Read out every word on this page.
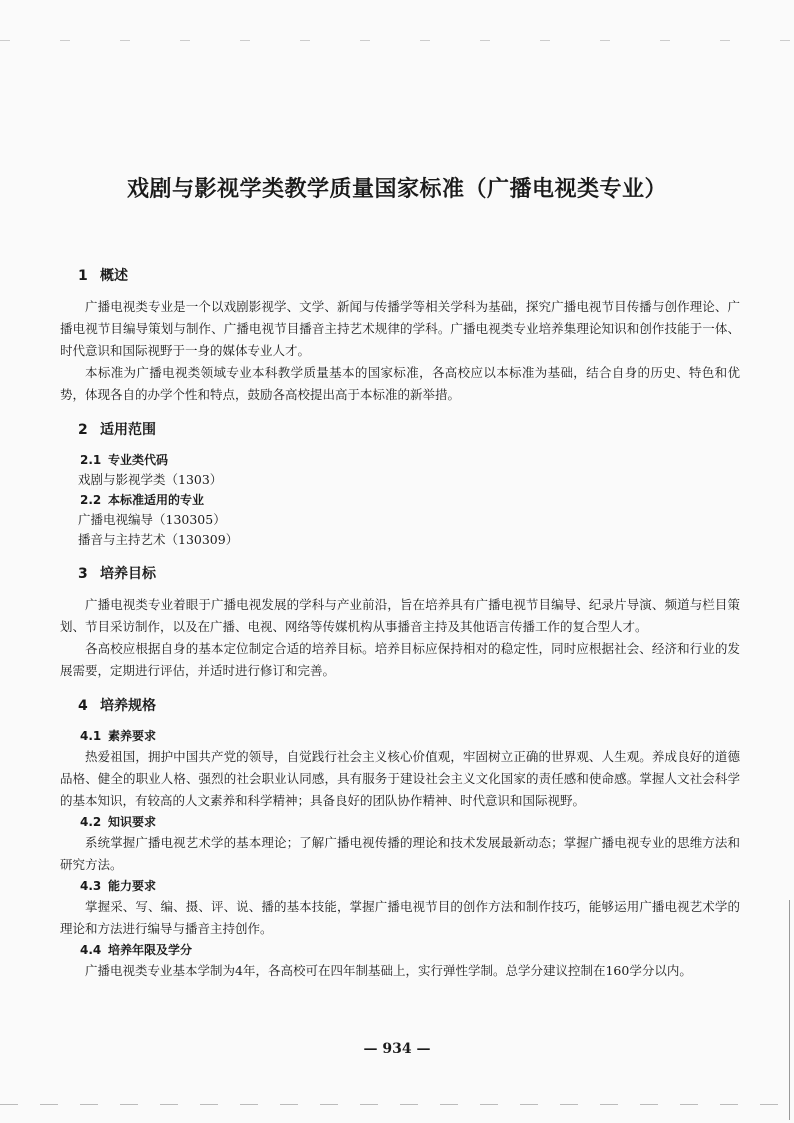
戏剧与影视学类教学质量国家标准（广播电视类专业）
1 概述

广播电视类专业是一个以戏剧影视学、文学、新闻与传播学等相关学科为基础，探究广播电视节目传播与创作理论、广播电视节目编导策划与制作、广播电视节目播音主持艺术规律的学科。广播电视类专业培养集理论知识和创作技能于一体、时代意识和国际视野于一身的媒体专业人才。

本标准为广播电视类领域专业本科教学质量基本的国家标准，各高校应以本标准为基础，结合自身的历史、特色和优势，体现各自的办学个性和特点，鼓励各高校提出高于本标准的新举措。

2 适用范围
2.1 专业类代码
戏剧与影视学类（1303）
2.2 本标准适用的专业
广播电视编导（130305）
播音与主持艺术（130309）
3 培养目标

广播电视类专业着眼于广播电视发展的学科与产业前沿，旨在培养具有广播电视节目编导、纪录片导演、频道与栏目策划、节目采访制作，以及在广播、电视、网络等传媒机构从事播音主持及其他语言传播工作的复合型人才。

各高校应根据自身的基本定位制定合适的培养目标。培养目标应保持相对的稳定性，同时应根据社会、经济和行业的发展需要，定期进行评估，并适时进行修订和完善。

4 培养规格
4.1 素养要求

热爱祖国，拥护中国共产党的领导，自觉践行社会主义核心价值观，牢固树立正确的世界观、人生观。养成良好的道德品格、健全的职业人格、强烈的社会职业认同感，具有服务于建设社会主义文化国家的责任感和使命感。掌握人文社会科学的基本知识，有较高的人文素养和科学精神；具备良好的团队协作精神、时代意识和国际视野。

4.2 知识要求

系统掌握广播电视艺术学的基本理论；了解广播电视传播的理论和技术发展最新动态；掌握广播电视专业的思维方法和研究方法。

4.3 能力要求

掌握采、写、编、摄、评、说、播的基本技能，掌握广播电视节目的创作方法和制作技巧，能够运用广播电视艺术学的理论和方法进行编导与播音主持创作。

4.4 培养年限及学分

广播电视类专业基本学制为4年，各高校可在四年制基础上，实行弹性学制。总学分建议控制在160学分以内。

— 934 —
